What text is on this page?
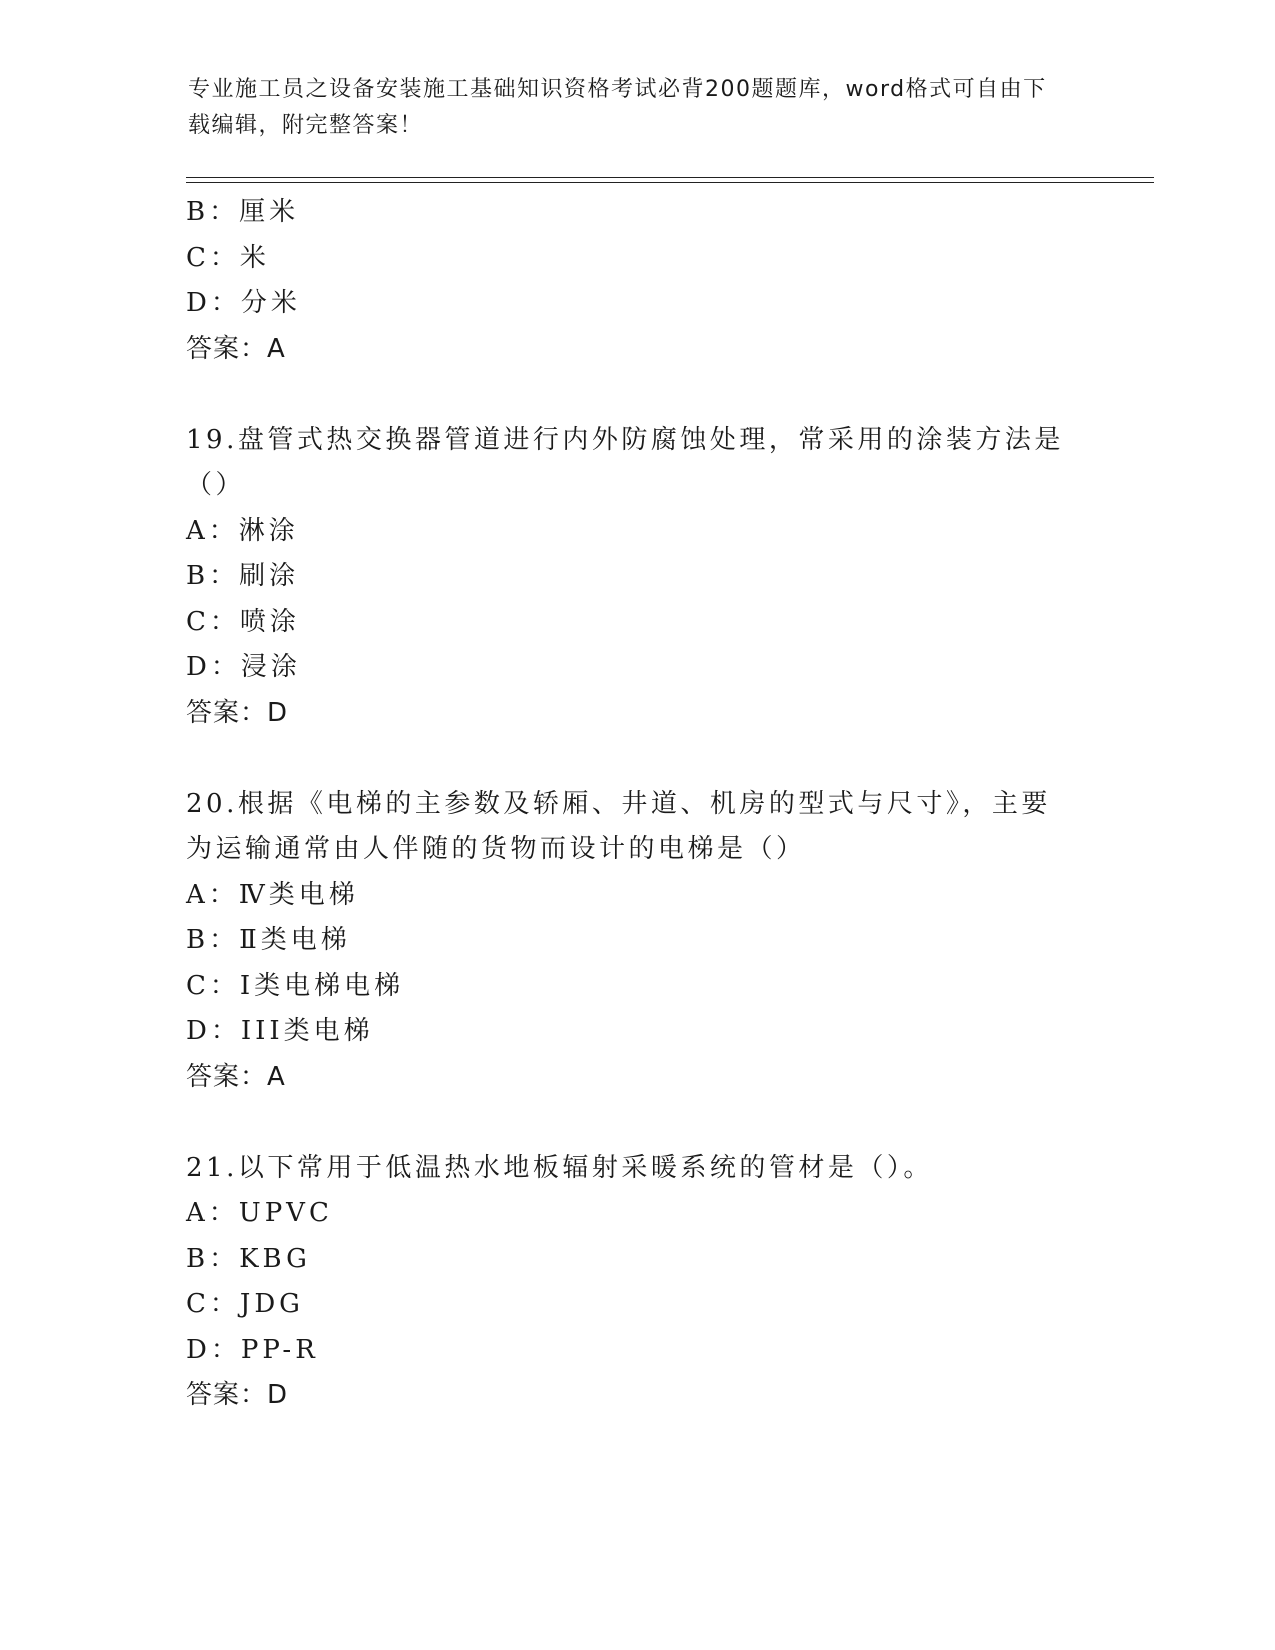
专业施工员之设备安装施工基础知识资格考试必背200题题库，word格式可自由下载编辑，附完整答案！
B：厘米
C：米
D：分米
答案：A
19.盘管式热交换器管道进行内外防腐蚀处理，常采用的涂装方法是（）
A：淋涂
B：刷涂
C：喷涂
D：浸涂
答案：D
20.根据《电梯的主参数及轿厢、井道、机房的型式与尺寸》，主要为运输通常由人伴随的货物而设计的电梯是（）
A：Ⅳ类电梯
B：Ⅱ类电梯
C：Ⅰ类电梯电梯
D：III类电梯
答案：A
21.以下常用于低温热水地板辐射采暖系统的管材是（）。
A：UPVC
B：KBG
C：JDG
D：PP-R
答案：D
